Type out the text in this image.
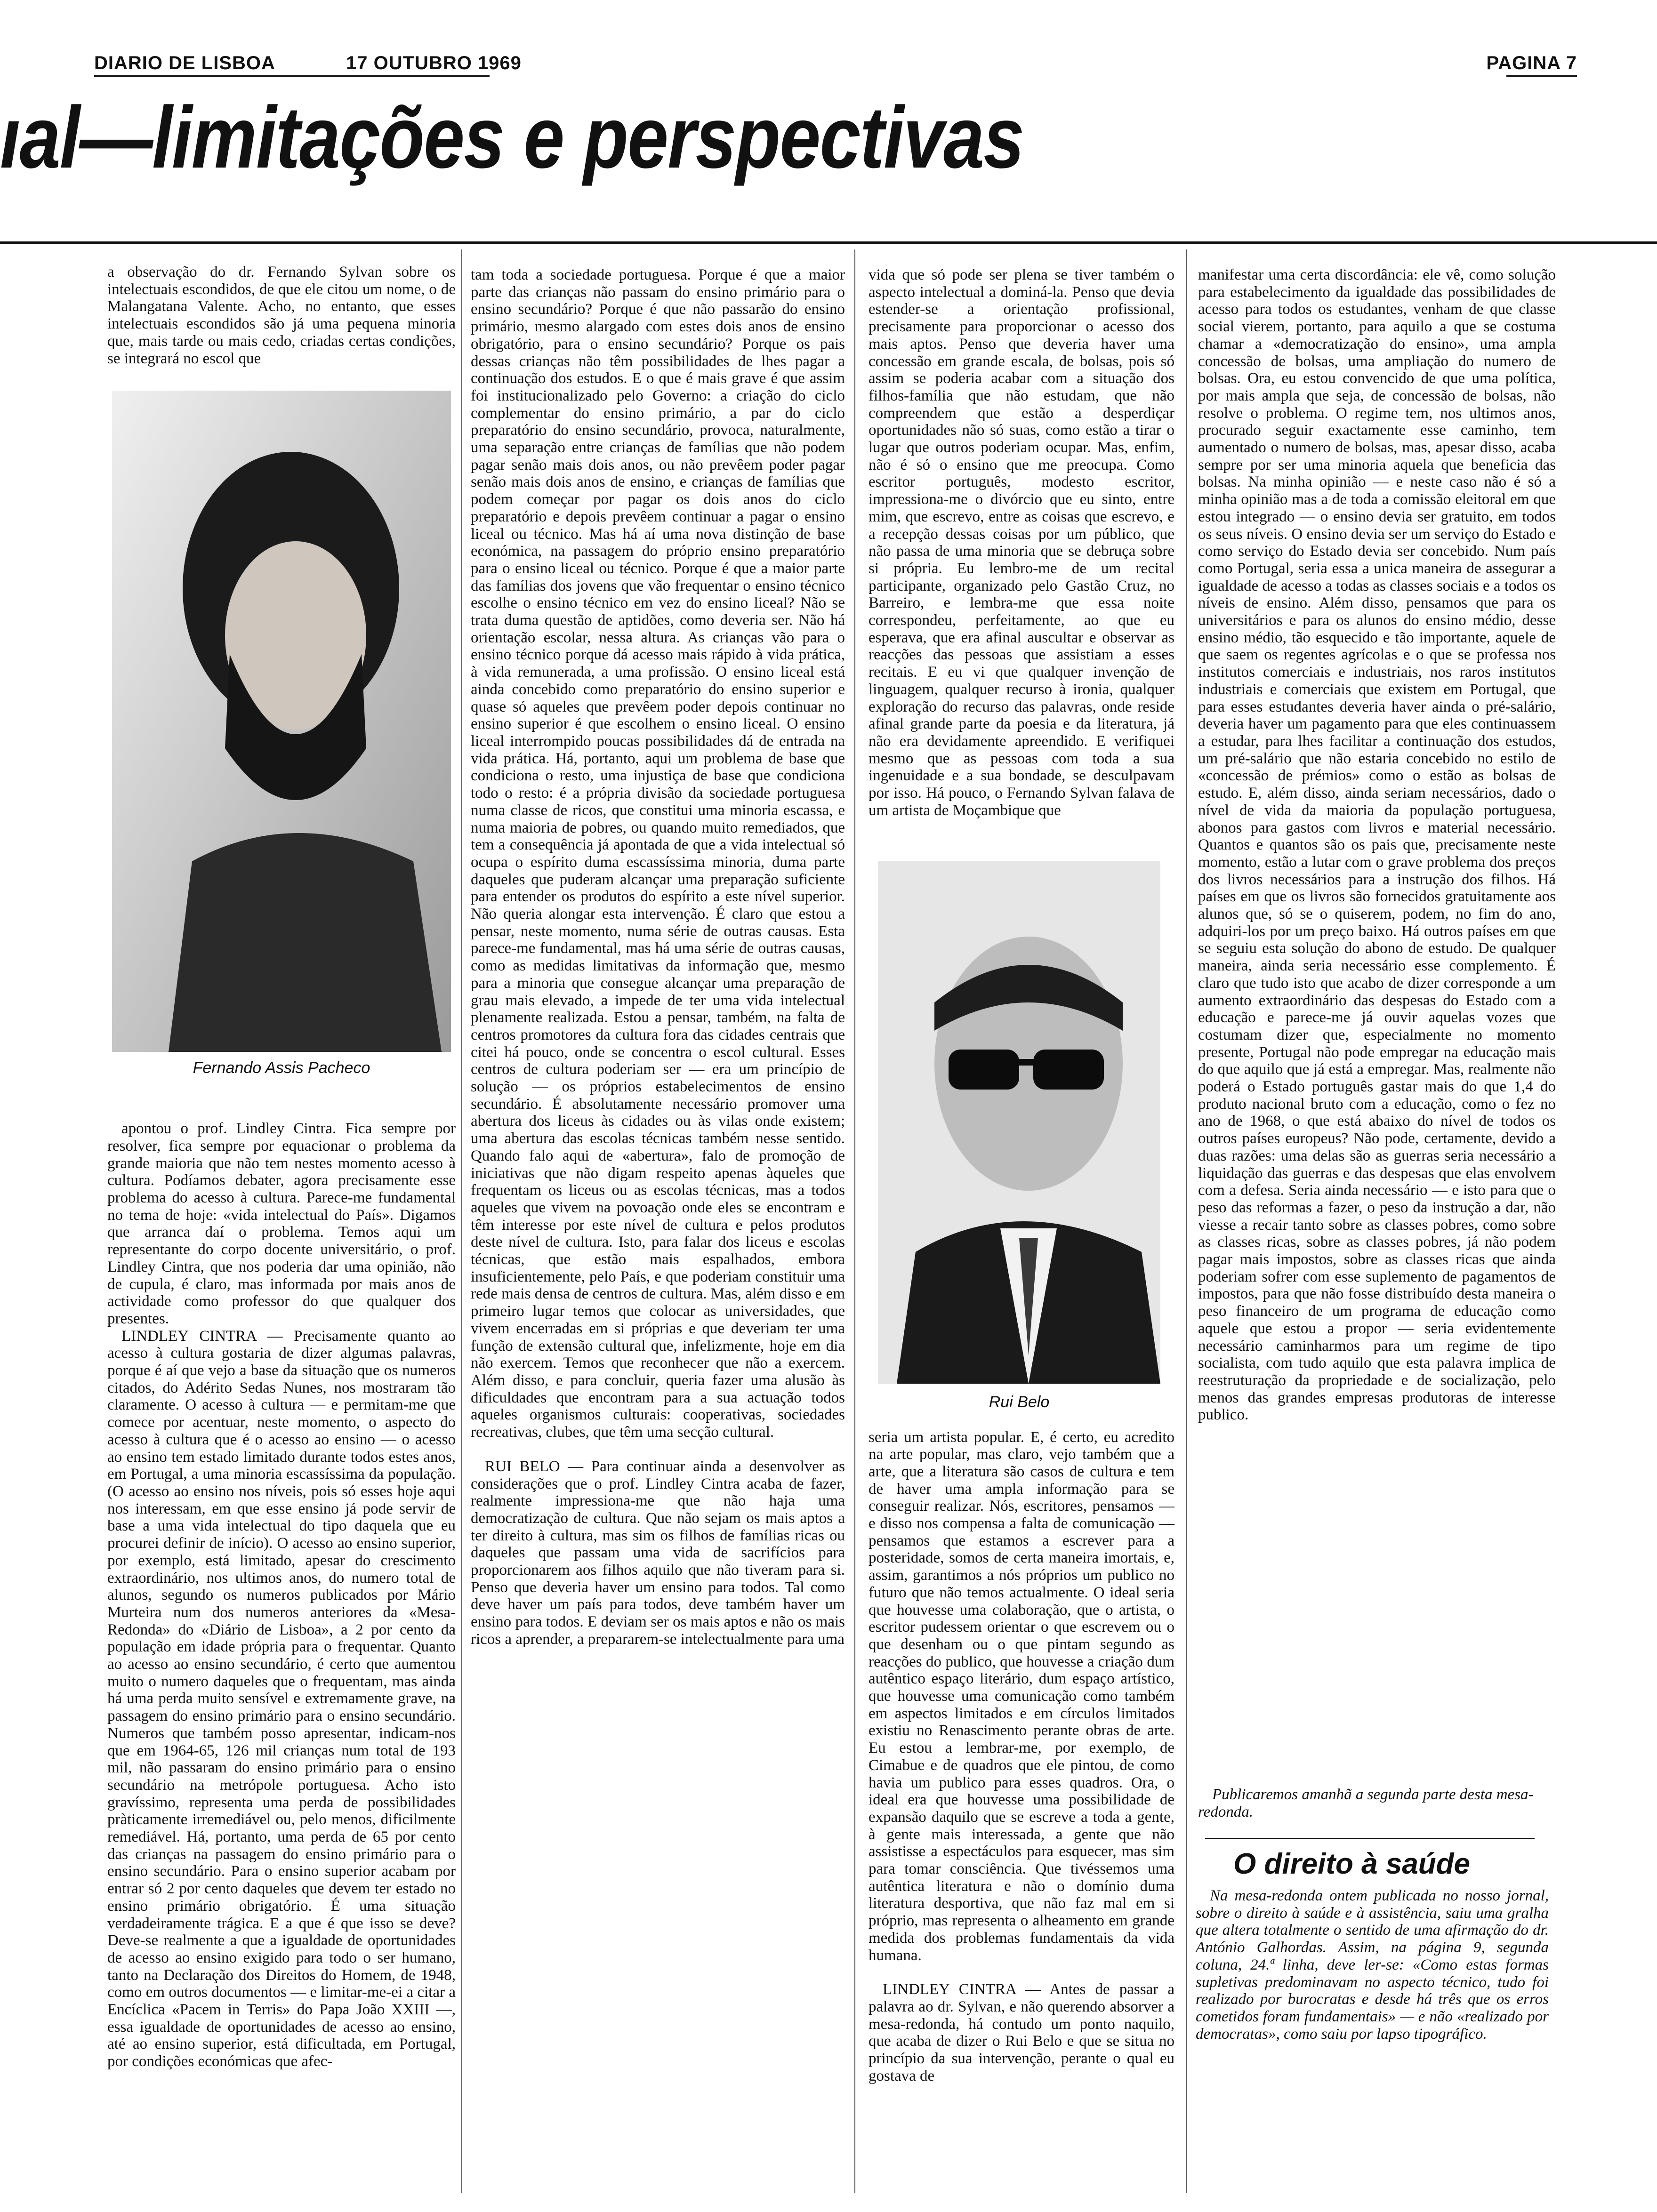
DIARIO DE LISBOA	17 OUTUBRO 1969	PAGINA 7
ıal—limitações e perspectivas

a observação do dr. Fernando Sylvan sobre os intelectuais escondidos, de que ele citou um nome, o de Malangatana Valente. Acho, no entanto, que esses intelectuais escondidos são já uma pequena minoria que, mais tarde ou mais cedo, criadas certas condições, se integrará no escol que

apontou o prof. Lindley Cintra. Fica sempre por resolver, fica sempre por equacionar o problema da grande maioria que não tem nestes momento acesso à cultura. Podíamos debater, agora precisamente esse problema do acesso à cultura. Parece-me fundamental no tema de hoje: «vida intelectual do País». Digamos que arranca daí o problema. Temos aqui um representante do corpo docente universitário, o prof. Lindley Cintra, que nos poderia dar uma opinião, não de cupula, é claro, mas informada por mais anos de actividade como professor do que qualquer dos presentes.

LINDLEY CINTRA — Precisamente quanto ao acesso à cultura gostaria de dizer algumas palavras, porque é aí que vejo a base da situação que os numeros citados, do Adérito Sedas Nunes, nos mostraram tão claramente. O acesso à cultura — e permitam-me que comece por acentuar, neste momento, o aspecto do acesso à cultura que é o acesso ao ensino — o acesso ao ensino tem estado limitado durante todos estes anos, em Portugal, a uma minoria escassíssima da população. (O acesso ao ensino nos níveis, pois só esses hoje aqui nos interessam, em que esse ensino já pode servir de base a uma vida intelectual do tipo daquela que eu procurei definir de início). O acesso ao ensino superior, por exemplo, está limitado, apesar do crescimento extraordinário, nos ultimos anos, do numero total de alunos, segundo os numeros publicados por Mário Murteira num dos numeros anteriores da «Mesa-Redonda» do «Diário de Lisboa», a 2 por cento da população em idade própria para o frequentar. Quanto ao acesso ao ensino secundário, é certo que aumentou muito o numero daqueles que o frequentam, mas ainda há uma perda muito sensível e extremamente grave, na passagem do ensino primário para o ensino secundário. Numeros que também posso apresentar, indicam-nos que em 1964-65, 126 mil crianças num total de 193 mil, não passaram do ensino primário para o ensino secundário na metrópole portuguesa. Acho isto gravíssimo, representa uma perda de possibilidades pràticamente irremediável ou, pelo menos, dificilmente remediável. Há, portanto, uma perda de 65 por cento das crianças na passagem do ensino primário para o ensino secundário. Para o ensino superior acabam por entrar só 2 por cento daqueles que devem ter estado no ensino primário obrigatório. É uma situação verdadeiramente trágica. E a que é que isso se deve? Deve-se realmente a que a igualdade de oportunidades de acesso ao ensino exigido para todo o ser humano, tanto na Declaração dos Direitos do Homem, de 1948, como em outros documentos — e limitar-me-ei a citar a Encíclica «Pacem in Terris» do Papa João XXIII —, essa igualdade de oportunidades de acesso ao ensino, até ao ensino superior, está dificultada, em Portugal, por condições económicas que afec-

Fernando Assis Pacheco

tam toda a sociedade portuguesa. Porque é que a maior parte das crianças não passam do ensino primário para o ensino secundário? Porque é que não passarão do ensino primário, mesmo alargado com estes dois anos de ensino obrigatório, para o ensino secundário? Porque os pais dessas crianças não têm possibilidades de lhes pagar a continuação dos estudos. E o que é mais grave é que assim foi institucionalizado pelo Governo: a criação do ciclo complementar do ensino primário, a par do ciclo preparatório do ensino secundário, provoca, naturalmente, uma separação entre crianças de famílias que não podem pagar senão mais dois anos, ou não prevêem poder pagar senão mais dois anos de ensino, e crianças de famílias que podem começar por pagar os dois anos do ciclo preparatório e depois prevêem continuar a pagar o ensino liceal ou técnico. Mas há aí uma nova distinção de base económica, na passagem do próprio ensino preparatório para o ensino liceal ou técnico. Porque é que a maior parte das famílias dos jovens que vão frequentar o ensino técnico escolhe o ensino técnico em vez do ensino liceal? Não se trata duma questão de aptidões, como deveria ser. Não há orientação escolar, nessa altura. As crianças vão para o ensino técnico porque dá acesso mais rápido à vida prática, à vida remunerada, a uma profissão. O ensino liceal está ainda concebido como preparatório do ensino superior e quase só aqueles que prevêem poder depois continuar no ensino superior é que escolhem o ensino liceal. O ensino liceal interrompido poucas possibilidades dá de entrada na vida prática. Há, portanto, aqui um problema de base que condiciona o resto, uma injustiça de base que condiciona todo o resto: é a própria divisão da sociedade portuguesa numa classe de ricos, que constitui uma minoria escassa, e numa maioria de pobres, ou quando muito remediados, que tem a consequência já apontada de que a vida intelectual só ocupa o espírito duma escassíssima minoria, duma parte daqueles que puderam alcançar uma preparação suficiente para entender os produtos do espírito a este nível superior. Não queria alongar esta intervenção. É claro que estou a pensar, neste momento, numa série de outras causas. Esta parece-me fundamental, mas há uma série de outras causas, como as medidas limitativas da informação que, mesmo para a minoria que consegue alcançar uma preparação de grau mais elevado, a impede de ter uma vida intelectual plenamente realizada. Estou a pensar, também, na falta de centros promotores da cultura fora das cidades centrais que citei há pouco, onde se concentra o escol cultural. Esses centros de cultura poderiam ser — era um princípio de solução — os próprios estabelecimentos de ensino secundário. É absolutamente necessário promover uma abertura dos liceus às cidades ou às vilas onde existem; uma abertura das escolas técnicas também nesse sentido. Quando falo aqui de «abertura», falo de promoção de iniciativas que não digam respeito apenas àqueles que frequentam os liceus ou as escolas técnicas, mas a todos aqueles que vivem na povoação onde eles se encontram e têm interesse por este nível de cultura e pelos produtos deste nível de cultura. Isto, para falar dos liceus e escolas técnicas, que estão mais espalhados, embora insuficientemente, pelo País, e que poderiam constituir uma rede mais densa de centros de cultura. Mas, além disso e em primeiro lugar temos que colocar as universidades, que vivem encerradas em si próprias e que deveriam ter uma função de extensão cultural que, infelizmente, hoje em dia não exercem. Temos que reconhecer que não a exercem. Além disso, e para concluir, queria fazer uma alusão às dificuldades que encontram para a sua actuação todos aqueles organismos culturais: cooperativas, sociedades recreativas, clubes, que têm uma secção cultural.

RUI BELO — Para continuar ainda a desenvolver as considerações que o prof. Lindley Cintra acaba de fazer, realmente impressiona-me que não haja uma democratização de cultura. Que não sejam os mais aptos a ter direito à cultura, mas sim os filhos de famílias ricas ou daqueles que passam uma vida de sacrifícios para proporcionarem aos filhos aquilo que não tiveram para si. Penso que deveria haver um ensino para todos. Tal como deve haver um país para todos, deve também haver um ensino para todos. E deviam ser os mais aptos e não os mais ricos a aprender, a prepararem-se intelectualmente para uma

vida que só pode ser plena se tiver também o aspecto intelectual a dominá-la. Penso que devia estender-se a orientação profissional, precisamente para proporcionar o acesso dos mais aptos. Penso que deveria haver uma concessão em grande escala, de bolsas, pois só assim se poderia acabar com a situação dos filhos-família que não estudam, que não compreendem que estão a desperdiçar oportunidades não só suas, como estão a tirar o lugar que outros poderiam ocupar. Mas, enfim, não é só o ensino que me preocupa. Como escritor português, modesto escritor, impressiona-me o divórcio que eu sinto, entre mim, que escrevo, entre as coisas que escrevo, e a recepção dessas coisas por um público, que não passa de uma minoria que se debruça sobre si própria. Eu lembro-me de um recital participante, organizado pelo Gastão Cruz, no Barreiro, e lembra-me que essa noite correspondeu, perfeitamente, ao que eu esperava, que era afinal auscultar e observar as reacções das pessoas que assistiam a esses recitais. E eu vi que qualquer invenção de linguagem, qualquer recurso à ironia, qualquer exploração do recurso das palavras, onde reside afinal grande parte da poesia e da literatura, já não era devidamente apreendido. E verifiquei mesmo que as pessoas com toda a sua ingenuidade e a sua bondade, se desculpavam por isso. Há pouco, o Fernando Sylvan falava de um artista de Moçambique que

seria um artista popular. E, é certo, eu acredito na arte popular, mas claro, vejo também que a arte, que a literatura são casos de cultura e tem de haver uma ampla informação para se conseguir realizar. Nós, escritores, pensamos — e disso nos compensa a falta de comunicação — pensamos que estamos a escrever para a posteridade, somos de certa maneira imortais, e, assim, garantimos a nós próprios um publico no futuro que não temos actualmente. O ideal seria que houvesse uma colaboração, que o artista, o escritor pudessem orientar o que escrevem ou o que desenham ou o que pintam segundo as reacções do publico, que houvesse a criação dum autêntico espaço literário, dum espaço artístico, que houvesse uma comunicação como também em aspectos limitados e em círculos limitados existiu no Renascimento perante obras de arte. Eu estou a lembrar-me, por exemplo, de Cimabue e de quadros que ele pintou, de como havia um publico para esses quadros. Ora, o ideal era que houvesse uma possibilidade de expansão daquilo que se escreve a toda a gente, à gente mais interessada, a gente que não assistisse a espectáculos para esquecer, mas sim para tomar consciência. Que tivéssemos uma autêntica literatura e não o domínio duma literatura desportiva, que não faz mal em si próprio, mas representa o alheamento em grande medida dos problemas fundamentais da vida humana.

LINDLEY CINTRA — Antes de passar a palavra ao dr. Sylvan, e não querendo absorver a mesa-redonda, há contudo um ponto naquilo, que acaba de dizer o Rui Belo e que se situa no princípio da sua intervenção, perante o qual eu gostava de

Rui Belo

manifestar uma certa discordância: ele vê, como solução para estabelecimento da igualdade das possibilidades de acesso para todos os estudantes, venham de que classe social vierem, portanto, para aquilo a que se costuma chamar a «democratização do ensino», uma ampla concessão de bolsas, uma ampliação do numero de bolsas. Ora, eu estou convencido de que uma política, por mais ampla que seja, de concessão de bolsas, não resolve o problema. O regime tem, nos ultimos anos, procurado seguir exactamente esse caminho, tem aumentado o numero de bolsas, mas, apesar disso, acaba sempre por ser uma minoria aquela que beneficia das bolsas. Na minha opinião — e neste caso não é só a minha opinião mas a de toda a comissão eleitoral em que estou integrado — o ensino devia ser gratuito, em todos os seus níveis. O ensino devia ser um serviço do Estado e como serviço do Estado devia ser concebido. Num país como Portugal, seria essa a unica maneira de assegurar a igualdade de acesso a todas as classes sociais e a todos os níveis de ensino. Além disso, pensamos que para os universitários e para os alunos do ensino médio, desse ensino médio, tão esquecido e tão importante, aquele de que saem os regentes agrícolas e o que se professa nos institutos comerciais e industriais, nos raros institutos industriais e comerciais que existem em Portugal, que para esses estudantes deveria haver ainda o pré-salário, deveria haver um pagamento para que eles continuassem a estudar, para lhes facilitar a continuação dos estudos, um pré-salário que não estaria concebido no estilo de «concessão de prémios» como o estão as bolsas de estudo. E, além disso, ainda seriam necessários, dado o nível de vida da maioria da população portuguesa, abonos para gastos com livros e material necessário. Quantos e quantos são os pais que, precisamente neste momento, estão a lutar com o grave problema dos preços dos livros necessários para a instrução dos filhos. Há países em que os livros são fornecidos gratuitamente aos alunos que, só se o quiserem, podem, no fim do ano, adquiri-los por um preço baixo. Há outros países em que se seguiu esta solução do abono de estudo. De qualquer maneira, ainda seria necessário esse complemento. É claro que tudo isto que acabo de dizer corresponde a um aumento extraordinário das despesas do Estado com a educação e parece-me já ouvir aquelas vozes que costumam dizer que, especialmente no momento presente, Portugal não pode empregar na educação mais do que aquilo que já está a empregar. Mas, realmente não poderá o Estado português gastar mais do que 1,4 do produto nacional bruto com a educação, como o fez no ano de 1968, o que está abaixo do nível de todos os outros países europeus? Não pode, certamente, devido a duas razões: uma delas são as guerras seria necessário a liquidação das guerras e das despesas que elas envolvem com a defesa. Seria ainda necessário — e isto para que o peso das reformas a fazer, o peso da instrução a dar, não viesse a recair tanto sobre as classes pobres, como sobre as classes ricas, sobre as classes pobres, já não podem pagar mais impostos, sobre as classes ricas que ainda poderiam sofrer com esse suplemento de pagamentos de impostos, para que não fosse distribuído desta maneira o peso financeiro de um programa de educação como aquele que estou a propor — seria evidentemente necessário caminharmos para um regime de tipo socialista, com tudo aquilo que esta palavra implica de reestruturação da propriedade e de socialização, pelo menos das grandes empresas produtoras de interesse publico.

Publicaremos amanhã a segunda parte desta mesa-redonda.
O direito à saúde

Na mesa-redonda ontem publicada no nosso jornal, sobre o direito à saúde e à assistência, saiu uma gralha que altera totalmente o sentido de uma afirmação do dr. António Galhordas. Assim, na página 9, segunda coluna, 24.ª linha, deve ler-se: «Como estas formas supletivas predominavam no aspecto técnico, tudo foi realizado por burocratas e desde há três que os erros cometidos foram fundamentais» — e não «realizado por democratas», como saiu por lapso tipográfico.
